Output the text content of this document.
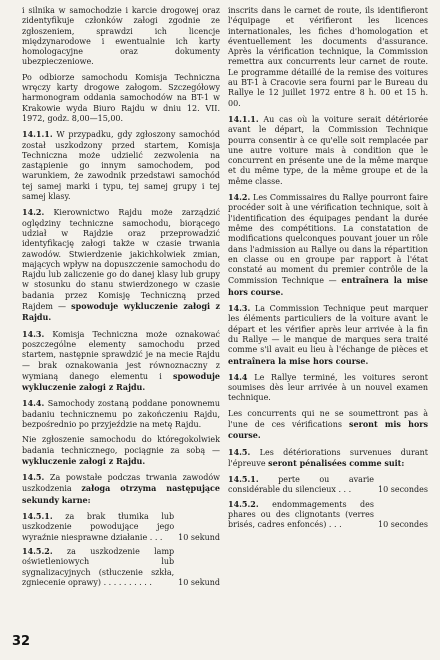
i silnika w samochodzie i karcie drogowej oraz zidentyfikuje członków załogi zgodnie ze zgłoszeniem, sprawdzi ich licencje międzynarodowe i ewentualnie ich karty homologacyjne oraz dokumenty ubezpieczeniowe.

Po odbiorze samochodu Komisja Techniczna wręczy karty drogowe załogom. Szczegółowy harmonogram oddania samochodów na BT-1 w Krakowie wyda Biuro Rajdu w dniu 12. VII. 1972, godz. 8,00—15,00.

14.1.1. W przypadku, gdy zgłoszony samochód został uszkodzony przed startem, Komisja Techniczna może udzielić zezwolenia na zastąpienie go innym samochodem, pod warunkiem, że zawodnik przedstawi samochód tej samej marki i typu, tej samej grupy i tej samej klasy.

14.2. Kierownictwo Rajdu może zarządzić oględziny techniczne samochodu, biorącego udział w Rajdzie oraz przeprowadzić identyfikację załogi także w czasie trwania zawodów. Stwierdzenie jakichkolwiek zmian, mających wpływ na dopuszczenie samochodu do Rajdu lub zaliczenie go do danej klasy lub grupy w stosunku do stanu stwierdzonego w czasie badania przez Komisję Techniczną przed Rajdem — spowoduje wykluczenie załogi z Rajdu.

14.3. Komisja Techniczna może oznakować poszczególne elementy samochodu przed startem, następnie sprawdzić je na mecie Rajdu — brak oznakowania jest równoznaczny z wymianą danego elementu i spowoduje wykluczenie załogi z Rajdu.

14.4. Samochody zostaną poddane ponownemu badaniu technicznemu po zakończeniu Rajdu, bezpośrednio po przyjeździe na metę Rajdu.

Nie zgłoszenie samochodu do któregokolwiek badania technicznego, pociągnie za sobą — wykluczenie załogi z Rajdu.

14.5. Za powstałe podczas trwania zawodów uszkodzenia załoga otrzyma następujące sekundy karne:

14.5.1. za brak tłumika lub uszkodzenie powodujące jego wyraźnie niesprawne działanie . . .	10 sekund
14.5.2. za uszkodzenie lamp oświetleniowych lub sygnalizacyjnych (stłuczenie szkła, zgniecenie oprawy) . . . . . . . . . .	10 sekund

inscrits dans le carnet de route, ils identifieront l'équipage et vérifieront les licences internationales, les fiches d'homologation et éventuellement les documents d'assurance. Après la vérification technique, la Commission remettra aux concurrents leur carnet de route. Le programme détaillé de la remise des voitures au BT-1 à Cracovie sera fourni par le Bureau du Rallye le 12 juillet 1972 entre 8 h. 00 et 15 h. 00.

14.1.1. Au cas où la voiture serait détériorée avant le départ, la Commission Technique pourra consentir à ce qu'elle soit remplacée par une autre voiture mais à condition que le concurrent en présente une de la même marque et du même type, de la même groupe et de la même classe.

14.2. Les Commissaires du Rallye pourront faire procéder soit à une vérification technique, soit à l'identification des équipages pendant la durée même des compétitions. La constatation de modifications quelconques pouvant jouer un rôle dans l'admission au Rallye ou dans la répartition en classe ou en groupe par rapport à l'état constaté au moment du premier contrôle de la Commission Technique — entraînera la mise hors course.

14.3. La Commission Technique peut marquer les éléments particuliers de la voiture avant le départ et les vérifier après leur arrivée à la fin du Rallye — le manque de marques sera traité comme s'il avait eu lieu à l'échange de pièces et entraînera la mise hors course.

14.4 Le Rallye terminé, les voitures seront soumises dès leur arrivée à un nouvel examen technique.

Les concurrents qui ne se soumettront pas à l'une de ces vérifications seront mis hors course.

14.5. Les détériorations survenues durant l'épreuve seront pénalisées comme suit:

14.5.1. perte ou avarie considérable du silencieux . . .	10 secondes
14.5.2. endommagements des phares ou des clignotants (verres brisés, cadres enfoncés) . . .	10 secondes
32
